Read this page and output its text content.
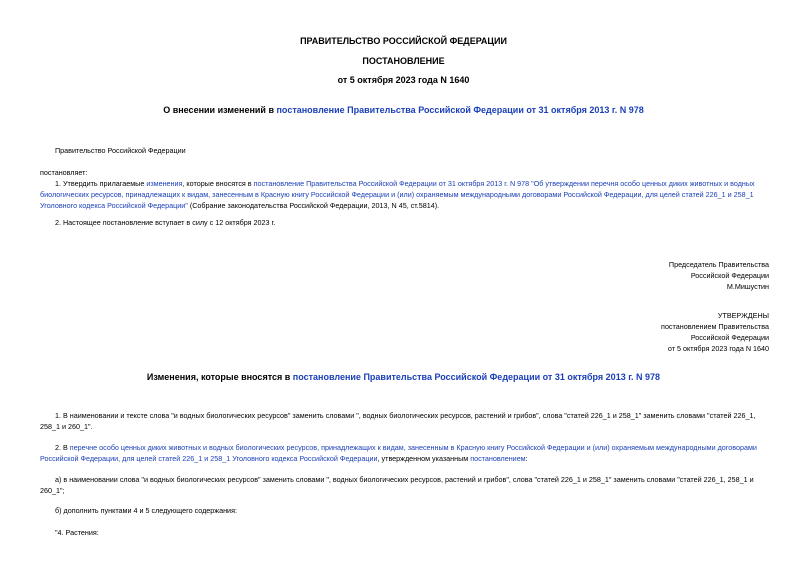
ПРАВИТЕЛЬСТВО РОССИЙСКОЙ ФЕДЕРАЦИИ
ПОСТАНОВЛЕНИЕ
от 5 октября 2023 года N 1640
О внесении изменений в постановление Правительства Российской Федерации от 31 октября 2013 г. N 978
Правительство Российской Федерации
постановляет:
1. Утвердить прилагаемые изменения, которые вносятся в постановление Правительства Российской Федерации от 31 октября 2013 г. N 978 "Об утверждении перечня особо ценных диких животных и водных биологических ресурсов, принадлежащих к видам, занесенным в Красную книгу Российской Федерации и (или) охраняемым международными договорами Российской Федерации, для целей статей 226_1 и 258_1 Уголовного кодекса Российской Федерации" (Собрание законодательства Российской Федерации, 2013, N 45, ст.5814).
2. Настоящее постановление вступает в силу с 12 октября 2023 г.
Председатель Правительства
Российской Федерации
М.Мишустин
УТВЕРЖДЕНЫ
постановлением Правительства
Российской Федерации
от 5 октября 2023 года N 1640
Изменения, которые вносятся в постановление Правительства Российской Федерации от 31 октября 2013 г. N 978
1. В наименовании и тексте слова "и водных биологических ресурсов" заменить словами ", водных биологических ресурсов, растений и грибов", слова "статей 226_1 и 258_1" заменить словами "статей 226_1, 258_1 и 260_1".
2. В перечне особо ценных диких животных и водных биологических ресурсов, принадлежащих к видам, занесенным в Красную книгу Российской Федерации и (или) охраняемым международными договорами Российской Федерации, для целей статей 226_1 и 258_1 Уголовного кодекса Российской Федерации, утвержденном указанным постановлением:
а) в наименовании слова "и водных биологических ресурсов" заменить словами ", водных биологических ресурсов, растений и грибов", слова "статей 226_1 и 258_1" заменить словами "статей 226_1, 258_1 и 260_1";
б) дополнить пунктами 4 и 5 следующего содержания:
"4. Растения:
